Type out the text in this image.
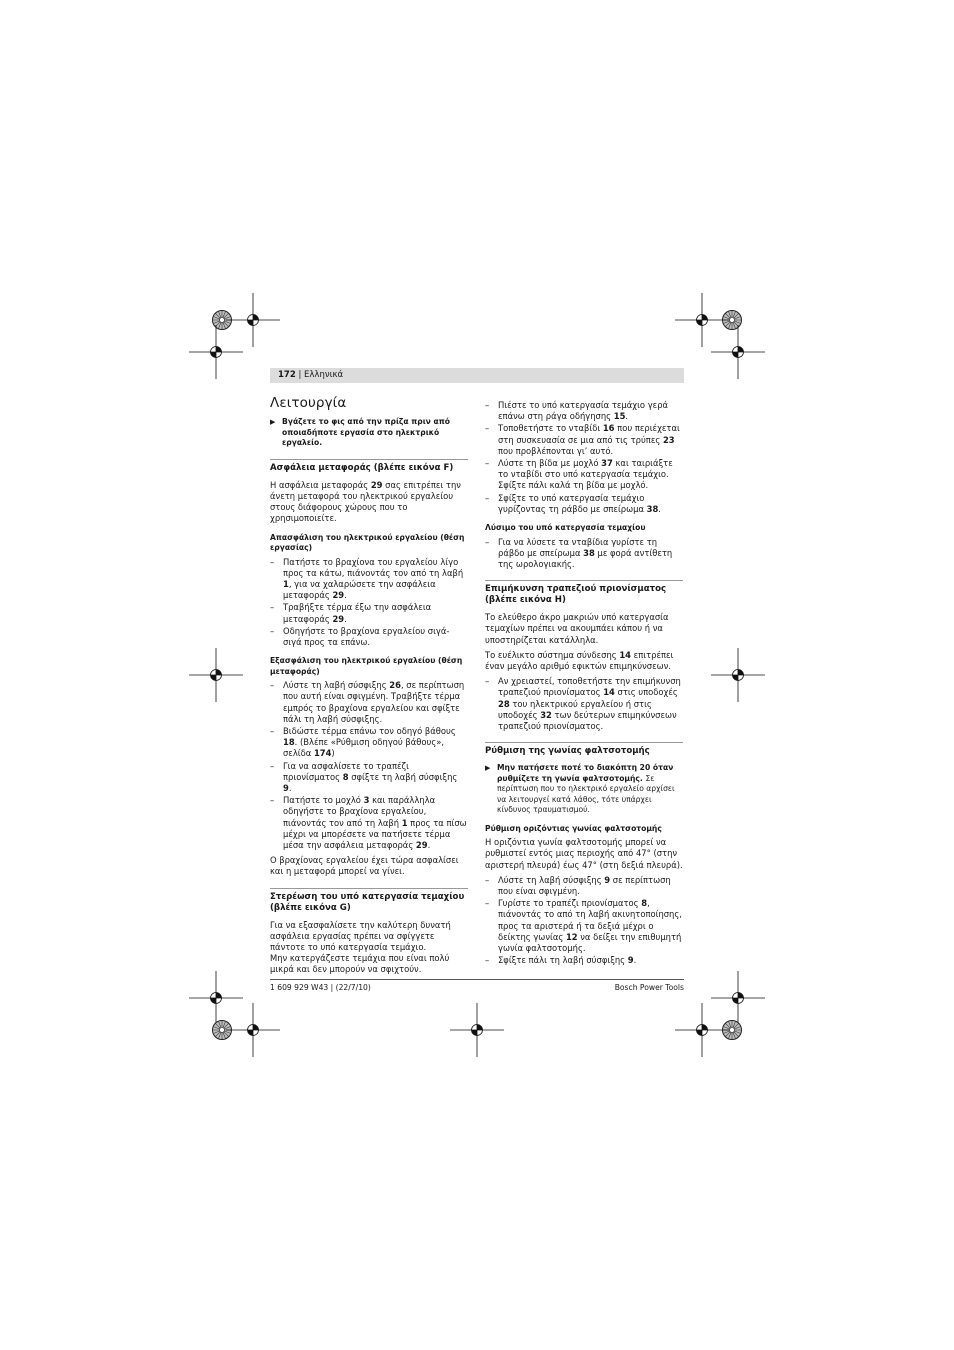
172 | Ελληνικά
Λειτουργία
▶ Βγάζετε το φις από την πρίζα πριν από οποιαδήποτε εργασία στο ηλεκτρικό εργαλείο.
Ασφάλεια μεταφοράς (βλέπε εικόνα F)

Η ασφάλεια μεταφοράς 29 σας επιτρέπει την άνετη μεταφορά του ηλεκτρικού εργαλείου στους διάφορους χώρους που το χρησιμοποιείτε.

Απασφάλιση του ηλεκτρικού εργαλείου (θέση εργασίας)
–	Πατήστε το βραχίονα του εργαλείου λίγο προς τα κάτω, πιάνοντάς τον από τη λαβή 1, για να χαλαρώσετε την ασφάλεια μεταφοράς 29.
–	Τραβήξτε τέρμα έξω την ασφάλεια μεταφοράς 29.
–	Οδηγήστε το βραχίονα εργαλείου σιγά-σιγά προς τα επάνω.
Εξασφάλιση του ηλεκτρικού εργαλείου (θέση μεταφοράς)
–	Λύστε τη λαβή σύσφιξης 26, σε περίπτωση που αυτή είναι σφιγμένη. Τραβήξτε τέρμα εμπρός το βραχίονα εργαλείου και σφίξτε πάλι τη λαβή σύσφιξης.
–	Βιδώστε τέρμα επάνω τον οδηγό βάθους 18. (Βλέπε «Ρύθμιση οδηγού βάθους», σελίδα 174)
–	Για να ασφαλίσετε το τραπέζι πριονίσματος 8 σφίξτε τη λαβή σύσφιξης 9.
–	Πατήστε το μοχλό 3 και παράλληλα οδηγήστε το βραχίονα εργαλείου, πιάνοντάς τον από τη λαβή 1 προς τα πίσω μέχρι να μπορέσετε να πατήσετε τέρμα μέσα την ασφάλεια μεταφοράς 29.

Ο βραχίονας εργαλείου έχει τώρα ασφαλίσει και η μεταφορά μπορεί να γίνει.

Στερέωση του υπό κατεργασία τεμαχίου (βλέπε εικόνα G)

Για να εξασφαλίσετε την καλύτερη δυνατή ασφάλεια εργασίας πρέπει να σφίγγετε πάντοτε το υπό κατεργασία τεμάχιο.

Μην κατεργάζεστε τεμάχια που είναι πολύ μικρά και δεν μπορούν να σφιχτούν.

–	Πιέστε το υπό κατεργασία τεμάχιο γερά επάνω στη ράγα οδήγησης 15.
–	Τοποθετήστε το νταβίδι 16 που περιέχεται στη συσκευασία σε μια από τις τρύπες 23 που προβλέπονται γι’ αυτό.
–	Λύστε τη βίδα με μοχλό 37 και ταιριάξτε το νταβίδι στο υπό κατεργασία τεμάχιο. Σφίξτε πάλι καλά τη βίδα με μοχλό.
–	Σφίξτε το υπό κατεργασία τεμάχιο γυρίζοντας τη ράβδο με σπείρωμα 38.
Λύσιμο του υπό κατεργασία τεμαχίου
–	Για να λύσετε τα νταβίδια γυρίστε τη ράβδο με σπείρωμα 38 με φορά αντίθετη της ωρολογιακής.
Επιμήκυνση τραπεζιού πριονίσματος (βλέπε εικόνα H)

Το ελεύθερο άκρο μακριών υπό κατεργασία τεμαχίων πρέπει να ακουμπάει κάπου ή να υποστηρίζεται κατάλληλα.

Το ευέλικτο σύστημα σύνδεσης 14 επιτρέπει έναν μεγάλο αριθμό εφικτών επιμηκύνσεων.

–	Αν χρειαστεί, τοποθετήστε την επιμήκυνση τραπεζιού πριονίσματος 14 στις υποδοχές 28 του ηλεκτρικού εργαλείου ή στις υποδοχές 32 των δεύτερων επιμηκύνσεων τραπεζιού πριονίσματος.
Ρύθμιση της γωνίας φαλτσοτομής
▶ Μην πατήσετε ποτέ το διακόπτη 20 όταν ρυθμίζετε τη γωνία φαλτσοτομής. Σε περίπτωση που το ηλεκτρικό εργαλείο αρχίσει να λειτουργεί κατά λάθος, τότε υπάρχει κίνδυνος τραυματισμού.
Ρύθμιση οριζόντιας γωνίας φαλτσοτομής

Η οριζόντια γωνία φαλτσοτομής μπορεί να ρυθμιστεί εντός μιας περιοχής από 47° (στην αριστερή πλευρά) έως 47° (στη δεξιά πλευρά).

–	Λύστε τη λαβή σύσφιξης 9 σε περίπτωση που είναι σφιγμένη.
–	Γυρίστε το τραπέζι πριονίσματος 8, πιάνοντάς το από τη λαβή ακινητοποίησης, προς τα αριστερά ή τα δεξιά μέχρι ο δείκτης γωνίας 12 να δείξει την επιθυμητή γωνία φαλτσοτομής.
–	Σφίξτε πάλι τη λαβή σύσφιξης 9.
1 609 929 W43 | (22/7/10)	Bosch Power Tools
